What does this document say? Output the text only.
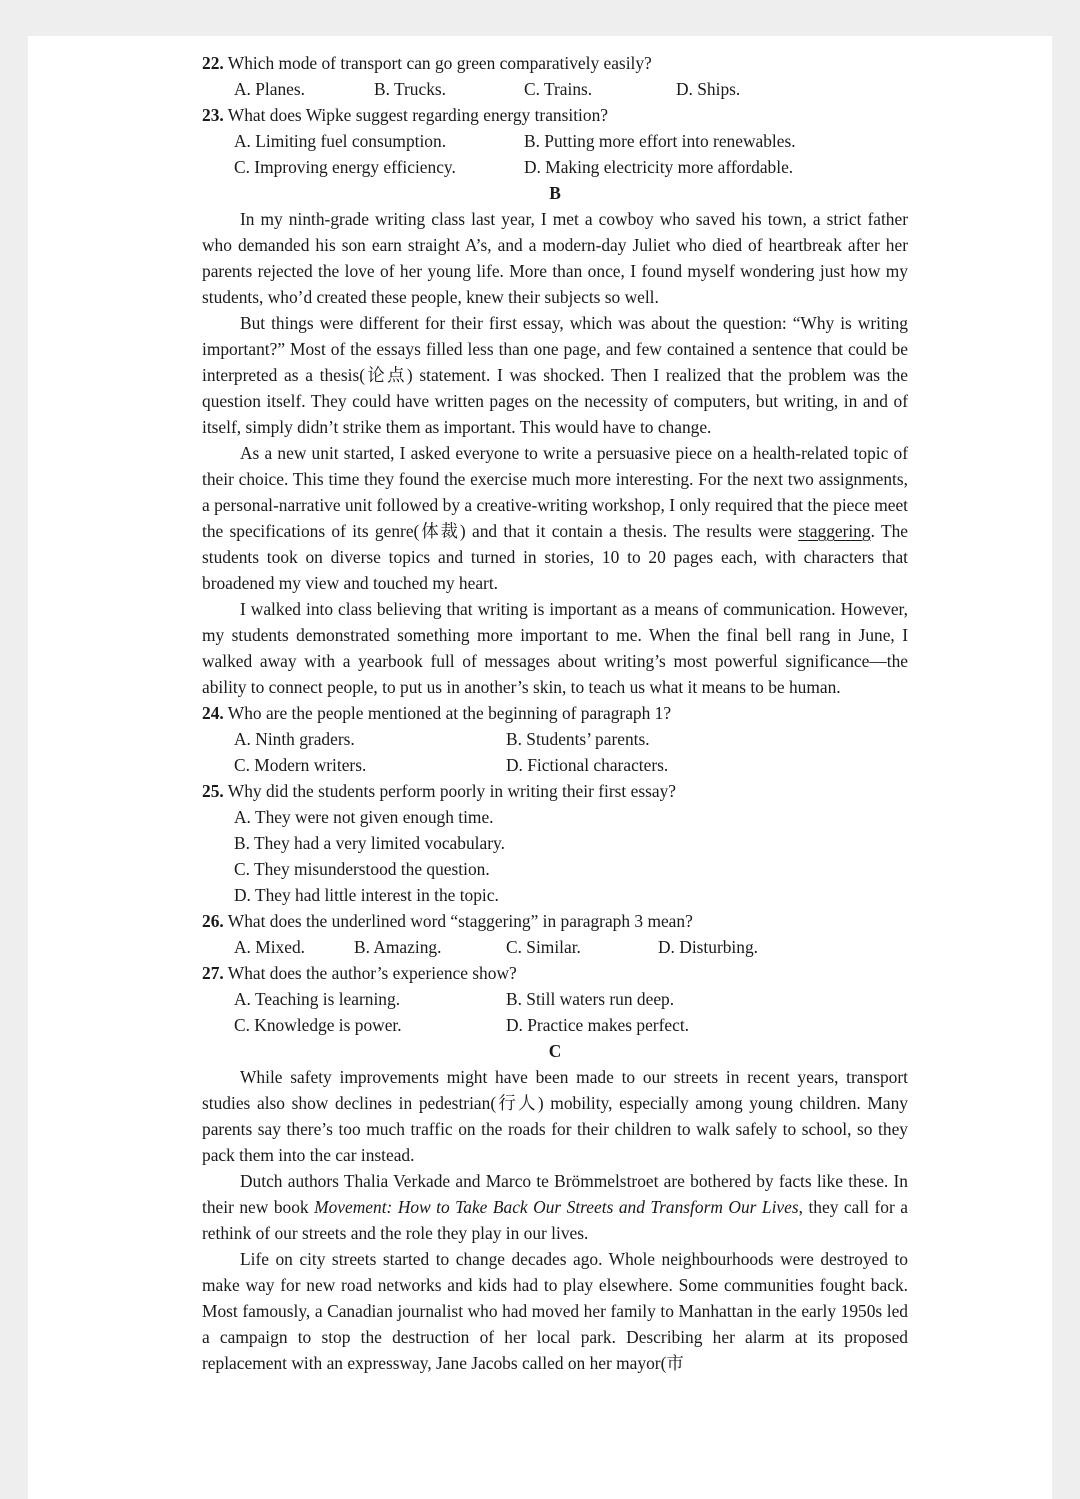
22. Which mode of transport can go green comparatively easily?

A. Planes.	B. Trucks.	C. Trains.	D. Ships.

23. What does Wipke suggest regarding energy transition?

A. Limiting fuel consumption.	B. Putting more effort into renewables.
C. Improving energy efficiency.	D. Making electricity more affordable.

B

In my ninth-grade writing class last year, I met a cowboy who saved his town, a strict father who demanded his son earn straight A’s, and a modern-day Juliet who died of heartbreak after her parents rejected the love of her young life. More than once, I found myself wondering just how my students, who’d created these people, knew their subjects so well.

But things were different for their first essay, which was about the question: “Why is writing important?” Most of the essays filled less than one page, and few contained a sentence that could be interpreted as a thesis(论点) statement. I was shocked. Then I realized that the problem was the question itself. They could have written pages on the necessity of computers, but writing, in and of itself, simply didn’t strike them as important. This would have to change.

As a new unit started, I asked everyone to write a persuasive piece on a health-related topic of their choice. This time they found the exercise much more interesting. For the next two assignments, a personal-narrative unit followed by a creative-writing workshop, I only required that the piece meet the specifications of its genre(体裁) and that it contain a thesis. The results were staggering. The students took on diverse topics and turned in stories, 10 to 20 pages each, with characters that broadened my view and touched my heart.

I walked into class believing that writing is important as a means of communication. However, my students demonstrated something more important to me. When the final bell rang in June, I walked away with a yearbook full of messages about writing’s most powerful significance—the ability to connect people, to put us in another’s skin, to teach us what it means to be human.

24. Who are the people mentioned at the beginning of paragraph 1?

A. Ninth graders.	B. Students’ parents.
C. Modern writers.	D. Fictional characters.

25. Why did the students perform poorly in writing their first essay?

A. They were not given enough time.
B. They had a very limited vocabulary.
C. They misunderstood the question.
D. They had little interest in the topic.

26. What does the underlined word “staggering” in paragraph 3 mean?

A. Mixed.	B. Amazing.	C. Similar.	D. Disturbing.

27. What does the author’s experience show?

A. Teaching is learning.	B. Still waters run deep.
C. Knowledge is power.	D. Practice makes perfect.

C

While safety improvements might have been made to our streets in recent years, transport studies also show declines in pedestrian(行人) mobility, especially among young children. Many parents say there’s too much traffic on the roads for their children to walk safely to school, so they pack them into the car instead.

Dutch authors Thalia Verkade and Marco te Brömmelstroet are bothered by facts like these. In their new book Movement: How to Take Back Our Streets and Transform Our Lives, they call for a rethink of our streets and the role they play in our lives.

Life on city streets started to change decades ago. Whole neighbourhoods were destroyed to make way for new road networks and kids had to play elsewhere. Some communities fought back. Most famously, a Canadian journalist who had moved her family to Manhattan in the early 1950s led a campaign to stop the destruction of her local park. Describing her alarm at its proposed replacement with an expressway, Jane Jacobs called on her mayor(市
